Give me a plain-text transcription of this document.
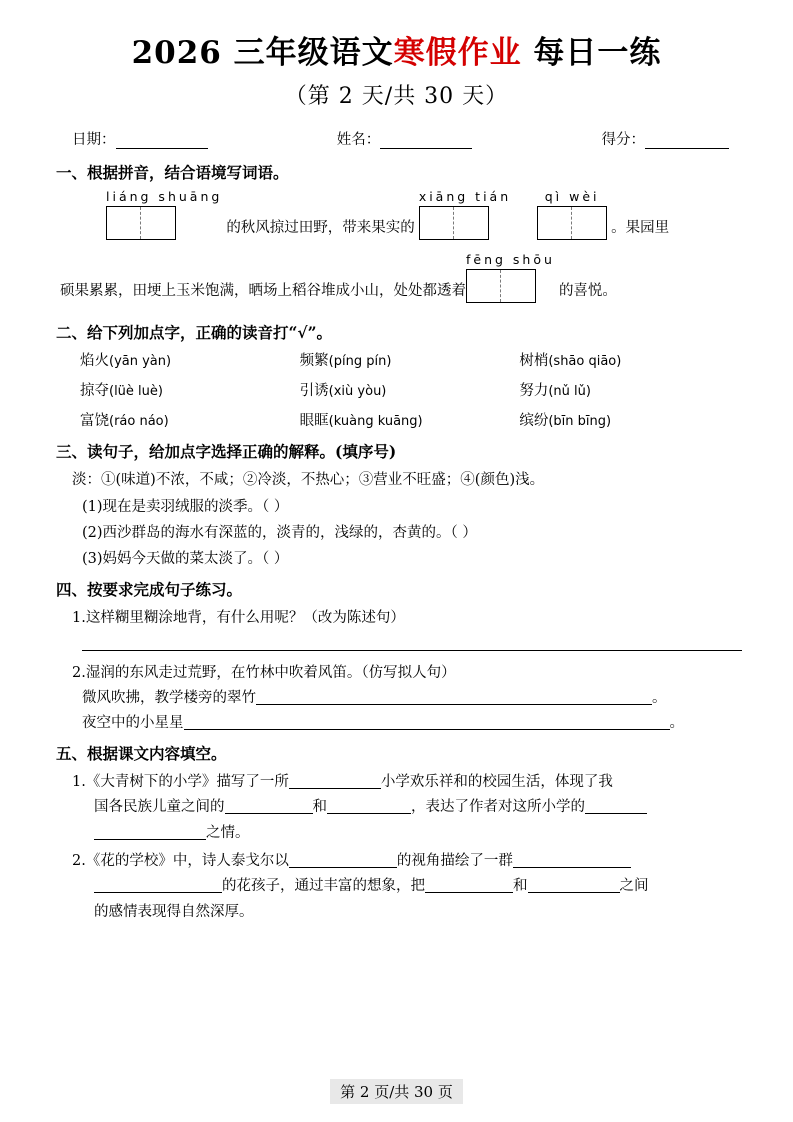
2026 三年级语文寒假作业 每日一练
（第 2 天/共 30 天）
日期：	姓名：	得分：
一、根据拼音，结合语境写词语。
liáng shuāng
的秋风掠过田野，带来果实的
xiāng tián	qì wèi
。果园里
硕果累累，田埂上玉米饱满，晒场上稻谷堆成小山，处处都透着
fēng shōu
的喜悦。
二、给下列加点字，正确的读音打“√”。
焰火(yān yàn)	频繁(píng pín)	树梢(shāo qiāo)
掠夺(lüè luè)	引诱(xiù yòu)	努力(nǔ lǔ)
富饶(ráo náo)	眼眶(kuàng kuāng)	缤纷(bīn bīng)
三、读句子，给加点字选择正确的解释。(填序号)
淡：①(味道)不浓，不咸；②冷淡，不热心；③营业不旺盛；④(颜色)浅。
(1)现在是卖羽绒服的淡季。（ ）
(2)西沙群岛的海水有深蓝的，淡青的，浅绿的，杏黄的。（ ）
(3)妈妈今天做的菜太淡了。（ ）
四、按要求完成句子练习。
1.这样糊里糊涂地背，有什么用呢？（改为陈述句）
2.湿润的东风走过荒野，在竹林中吹着风笛。（仿写拟人句）
微风吹拂，教学楼旁的翠竹	。
夜空中的小星星	。
五、根据课文内容填空。
1.《大青树下的小学》描写了一所	小学欢乐祥和的校园生活，体现了我
国各民族儿童之间的	和	，表达了作者对这所小学的
之情。
2.《花的学校》中，诗人泰戈尔以	的视角描绘了一群
的花孩子，通过丰富的想象，把	和	之间
的感情表现得自然深厚。
第 2 页/共 30 页
